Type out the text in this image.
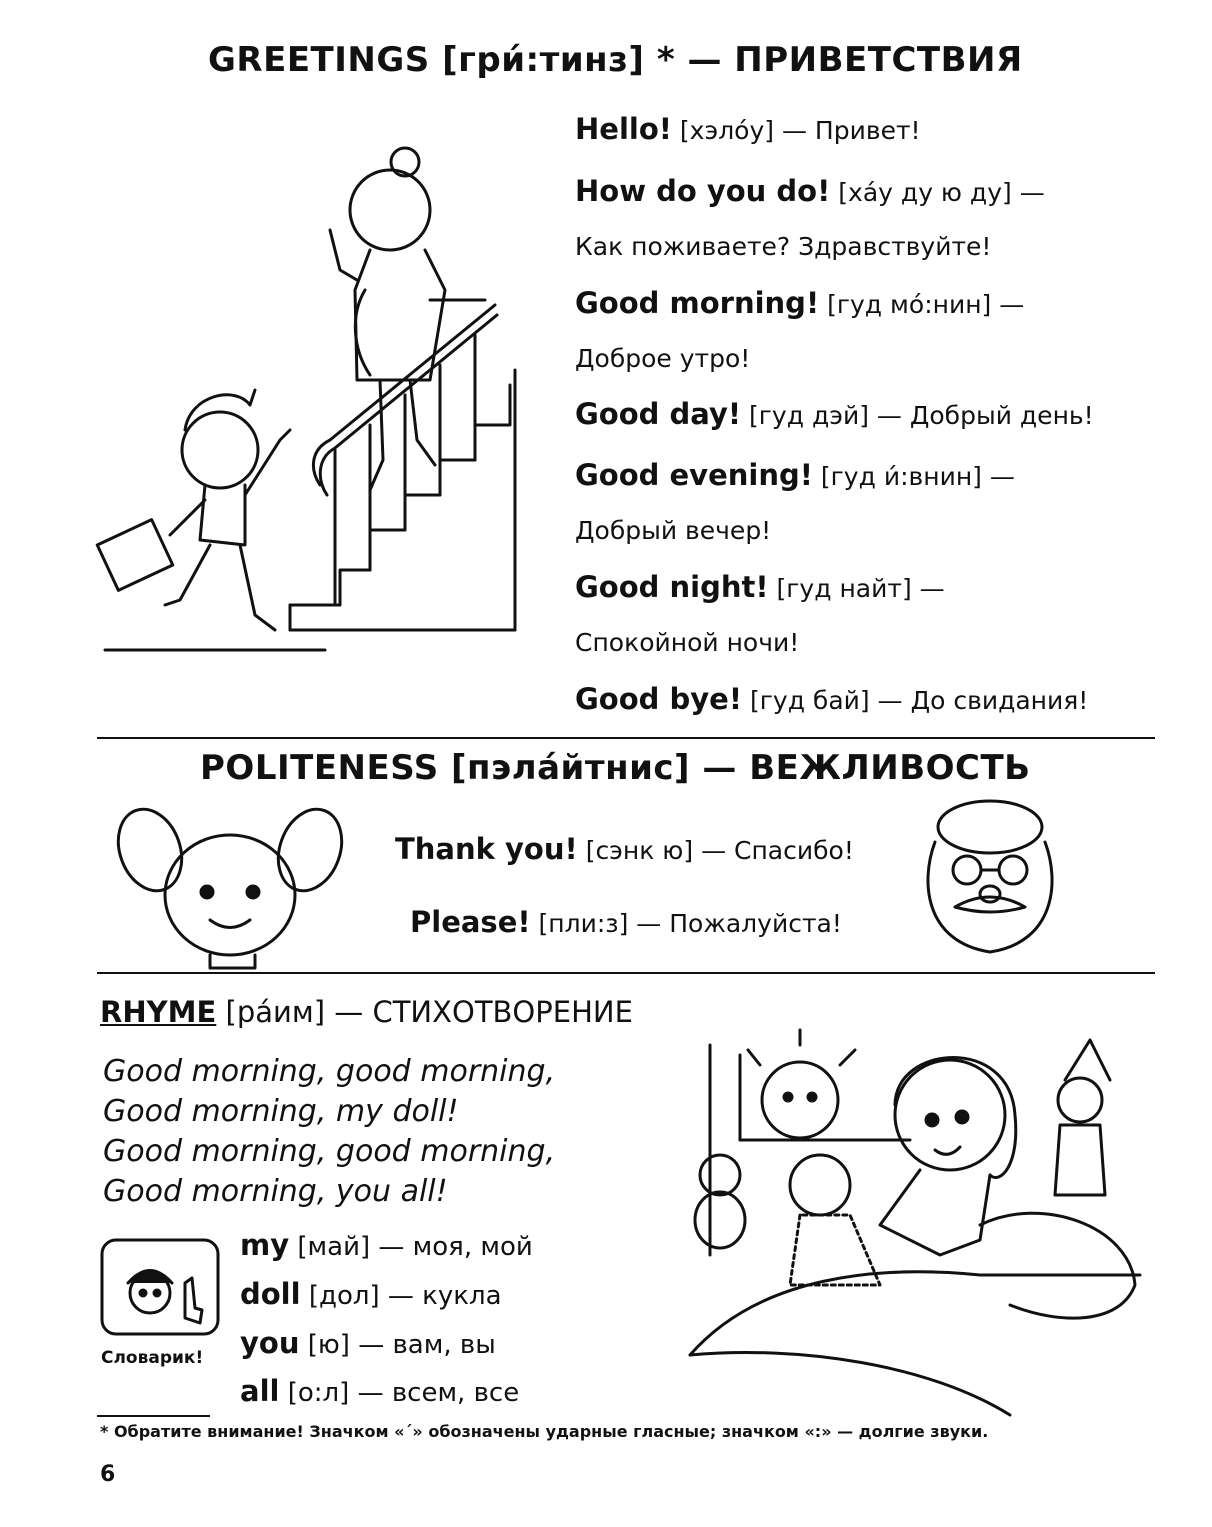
GREETINGS [гри́:тинз] * — ПРИВЕТСТВИЯ
Hello! [хэло́у] — Привет!
How do you do! [ха́у ду ю ду] —
Как поживаете? Здравствуйте!
Good morning! [гуд мо́:нин] —
Доброе утро!
Good day! [гуд дэй] — Добрый день!
Good evening! [гуд и́:внин] —
Добрый вечер!
Good night! [гуд найт] —
Спокойной ночи!
Good bye! [гуд бай] — До свидания!
POLITENESS [пэла́йтнис] — ВЕЖЛИВОСТЬ
Thank you! [сэнк ю] — Спасибо!
Please! [пли:з] — Пожалуйста!
RHYME [ра́им] — СТИХОТВОРЕНИЕ
Good morning, good morning,
Good morning, my doll!
Good morning, good morning,
Good morning, you all!
Словарик!
my [май] — моя, мой
doll [дол] — кукла
you [ю] — вам, вы
all [о:л] — всем, все
* Обратите внимание! Значком «´» обозначены ударные гласные; значком «:» — долгие звуки.
6
